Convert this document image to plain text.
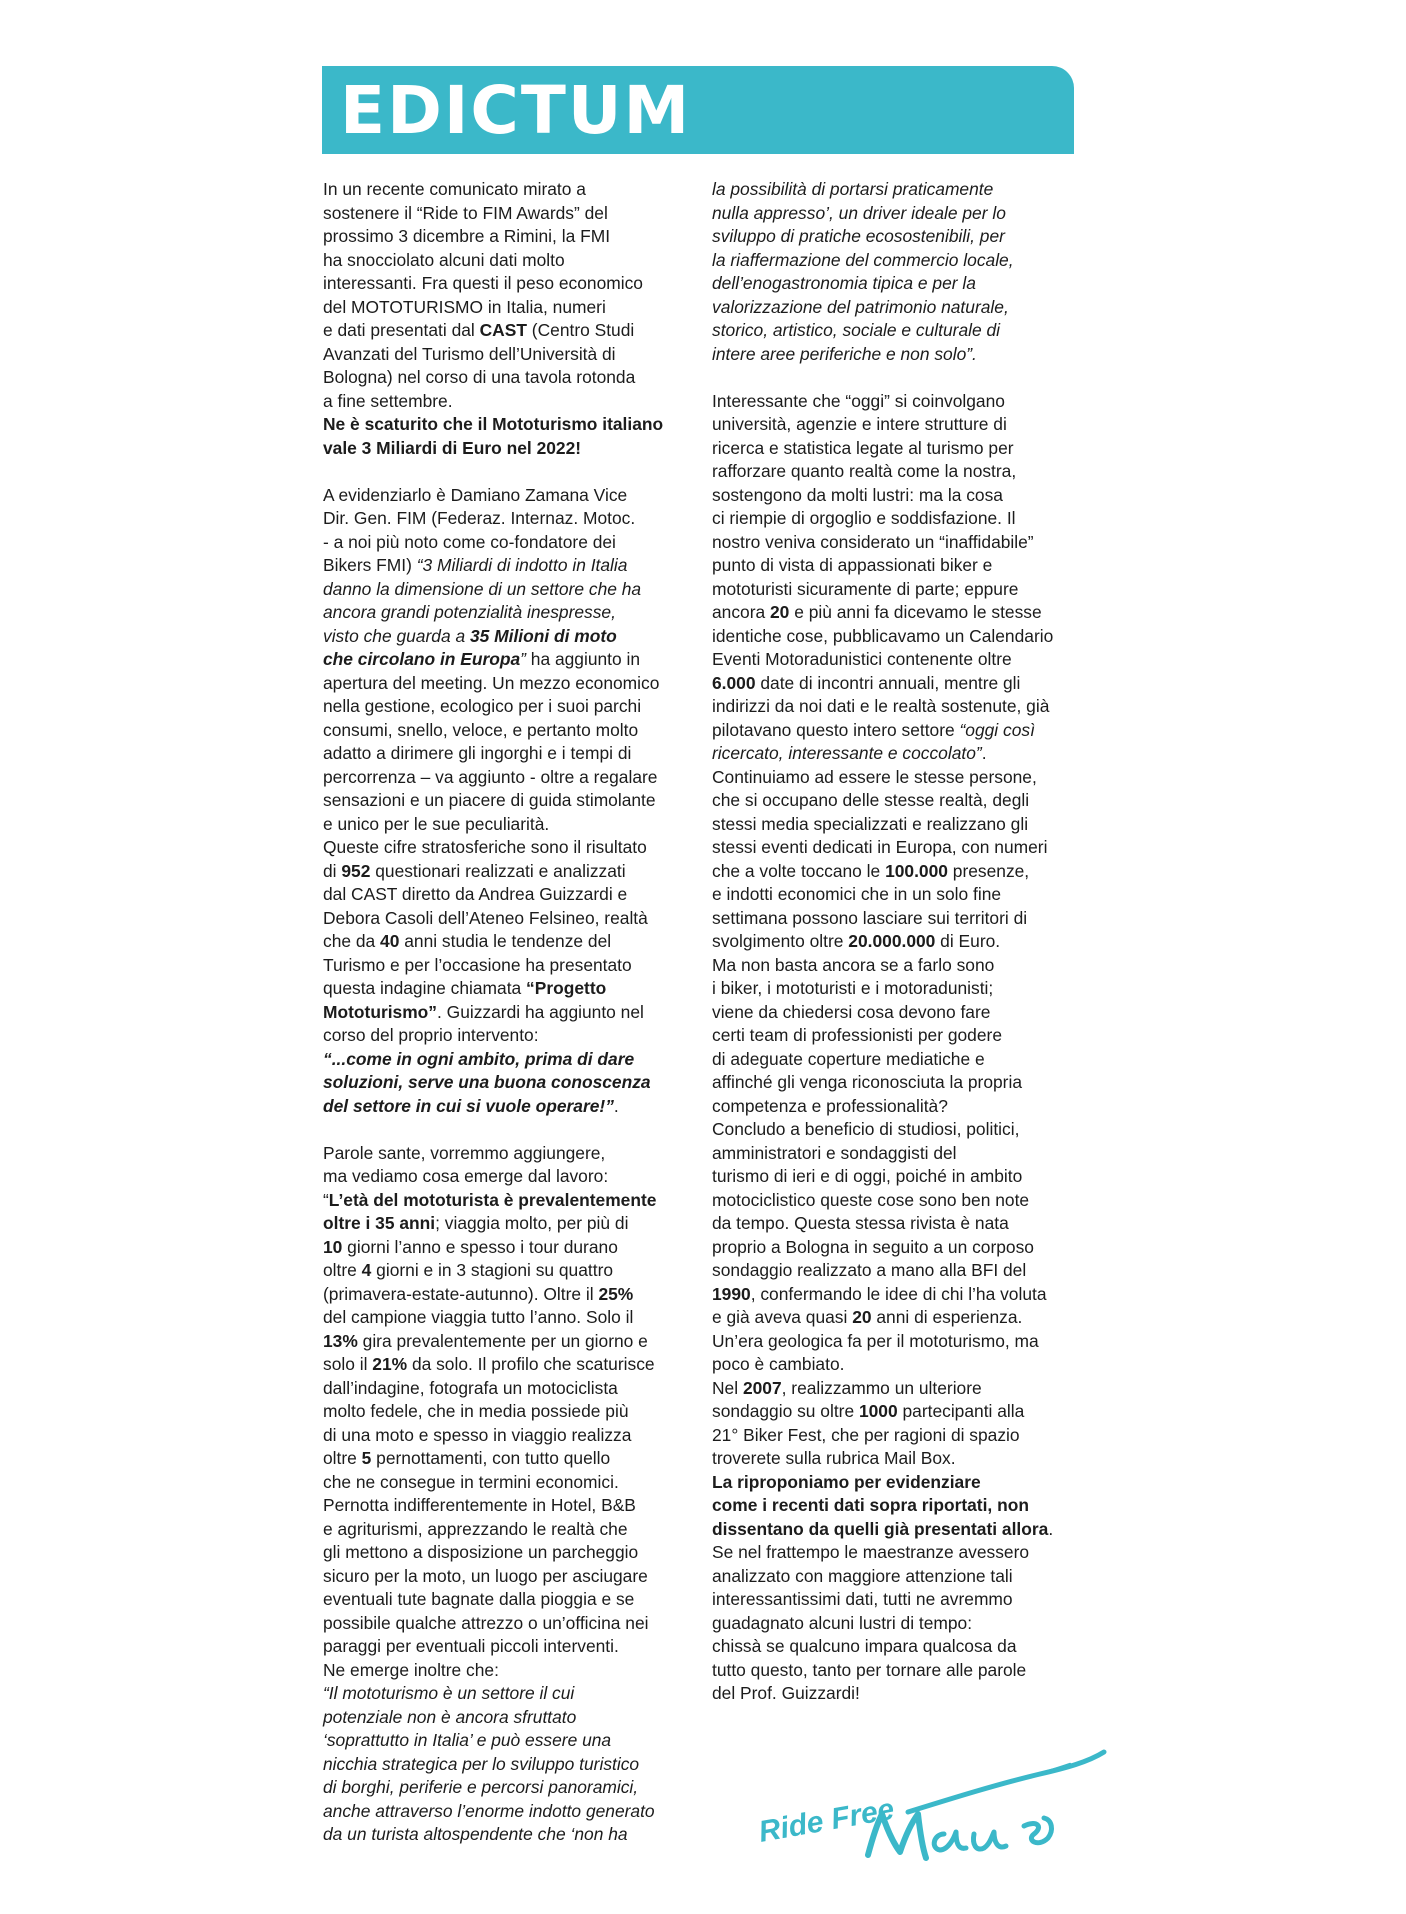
EDICTUM
In un recente comunicato mirato a
sostenere il “Ride to FIM Awards” del
prossimo 3 dicembre a Rimini, la FMI
ha snocciolato alcuni dati molto
interessanti. Fra questi il peso economico
del MOTOTURISMO in Italia, numeri
e dati presentati dal CAST (Centro Studi
Avanzati del Turismo dell’Università di
Bologna) nel corso di una tavola rotonda
a fine settembre.
Ne è scaturito che il Mototurismo italiano
vale 3 Miliardi di Euro nel 2022!
A evidenziarlo è Damiano Zamana Vice
Dir. Gen. FIM (Federaz. Internaz. Motoc.
- a noi più noto come co-fondatore dei
Bikers FMI) “3 Miliardi di indotto in Italia
danno la dimensione di un settore che ha
ancora grandi potenzialità inespresse,
visto che guarda a 35 Milioni di moto
che circolano in Europa” ha aggiunto in
apertura del meeting. Un mezzo economico
nella gestione, ecologico per i suoi parchi
consumi, snello, veloce, e pertanto molto
adatto a dirimere gli ingorghi e i tempi di
percorrenza – va aggiunto - oltre a regalare
sensazioni e un piacere di guida stimolante
e unico per le sue peculiarità.
Queste cifre stratosferiche sono il risultato
di 952 questionari realizzati e analizzati
dal CAST diretto da Andrea Guizzardi e
Debora Casoli dell’Ateneo Felsineo, realtà
che da 40 anni studia le tendenze del
Turismo e per l’occasione ha presentato
questa indagine chiamata “Progetto
Mototurismo”. Guizzardi ha aggiunto nel
corso del proprio intervento:
“...come in ogni ambito, prima di dare
soluzioni, serve una buona conoscenza
del settore in cui si vuole operare!”.
Parole sante, vorremmo aggiungere,
ma vediamo cosa emerge dal lavoro:
“L’età del mototurista è prevalentemente
oltre i 35 anni; viaggia molto, per più di
10 giorni l’anno e spesso i tour durano
oltre 4 giorni e in 3 stagioni su quattro
(primavera-estate-autunno). Oltre il 25%
del campione viaggia tutto l’anno. Solo il
13% gira prevalentemente per un giorno e
solo il 21% da solo. Il profilo che scaturisce
dall’indagine, fotografa un motociclista
molto fedele, che in media possiede più
di una moto e spesso in viaggio realizza
oltre 5 pernottamenti, con tutto quello
che ne consegue in termini economici.
Pernotta indifferentemente in Hotel, B&B
e agriturismi, apprezzando le realtà che
gli mettono a disposizione un parcheggio
sicuro per la moto, un luogo per asciugare
eventuali tute bagnate dalla pioggia e se
possibile qualche attrezzo o un’officina nei
paraggi per eventuali piccoli interventi.
Ne emerge inoltre che:
“Il mototurismo è un settore il cui
potenziale non è ancora sfruttato
‘soprattutto in Italia’ e può essere una
nicchia strategica per lo sviluppo turistico
di borghi, periferie e percorsi panoramici,
anche attraverso l’enorme indotto generato
da un turista altospendente che ‘non ha
la possibilità di portarsi praticamente
nulla appresso’, un driver ideale per lo
sviluppo di pratiche ecosostenibili, per
la riaffermazione del commercio locale,
dell’enogastronomia tipica e per la
valorizzazione del patrimonio naturale,
storico, artistico, sociale e culturale di
intere aree periferiche e non solo”.
Interessante che “oggi” si coinvolgano
università, agenzie e intere strutture di
ricerca e statistica legate al turismo per
rafforzare quanto realtà come la nostra,
sostengono da molti lustri: ma la cosa
ci riempie di orgoglio e soddisfazione. Il
nostro veniva considerato un “inaffidabile”
punto di vista di appassionati biker e
mototuristi sicuramente di parte; eppure
ancora 20 e più anni fa dicevamo le stesse
identiche cose, pubblicavamo un Calendario
Eventi Motoradunistici contenente oltre
6.000 date di incontri annuali, mentre gli
indirizzi da noi dati e le realtà sostenute, già
pilotavano questo intero settore “oggi così
ricercato, interessante e coccolato”.
Continuiamo ad essere le stesse persone,
che si occupano delle stesse realtà, degli
stessi media specializzati e realizzano gli
stessi eventi dedicati in Europa, con numeri
che a volte toccano le 100.000 presenze,
e indotti economici che in un solo fine
settimana possono lasciare sui territori di
svolgimento oltre 20.000.000 di Euro.
Ma non basta ancora se a farlo sono
i biker, i mototuristi e i motoradunisti;
viene da chiedersi cosa devono fare
certi team di professionisti per godere
di adeguate coperture mediatiche e
affinché gli venga riconosciuta la propria
competenza e professionalità?
Concludo a beneficio di studiosi, politici,
amministratori e sondaggisti del
turismo di ieri e di oggi, poiché in ambito
motociclistico queste cose sono ben note
da tempo. Questa stessa rivista è nata
proprio a Bologna in seguito a un corposo
sondaggio realizzato a mano alla BFI del
1990, confermando le idee di chi l’ha voluta
e già aveva quasi 20 anni di esperienza.
Un’era geologica fa per il mototurismo, ma
poco è cambiato.
Nel 2007, realizzammo un ulteriore
sondaggio su oltre 1000 partecipanti alla
21° Biker Fest, che per ragioni di spazio
troverete sulla rubrica Mail Box.
La riproponiamo per evidenziare
come i recenti dati sopra riportati, non
dissentano da quelli già presentati allora.
Se nel frattempo le maestranze avessero
analizzato con maggiore attenzione tali
interessantissimi dati, tutti ne avremmo
guadagnato alcuni lustri di tempo:
chissà se qualcuno impara qualcosa da
tutto questo, tanto per tornare alle parole
del Prof. Guizzardi!
Ride Free
